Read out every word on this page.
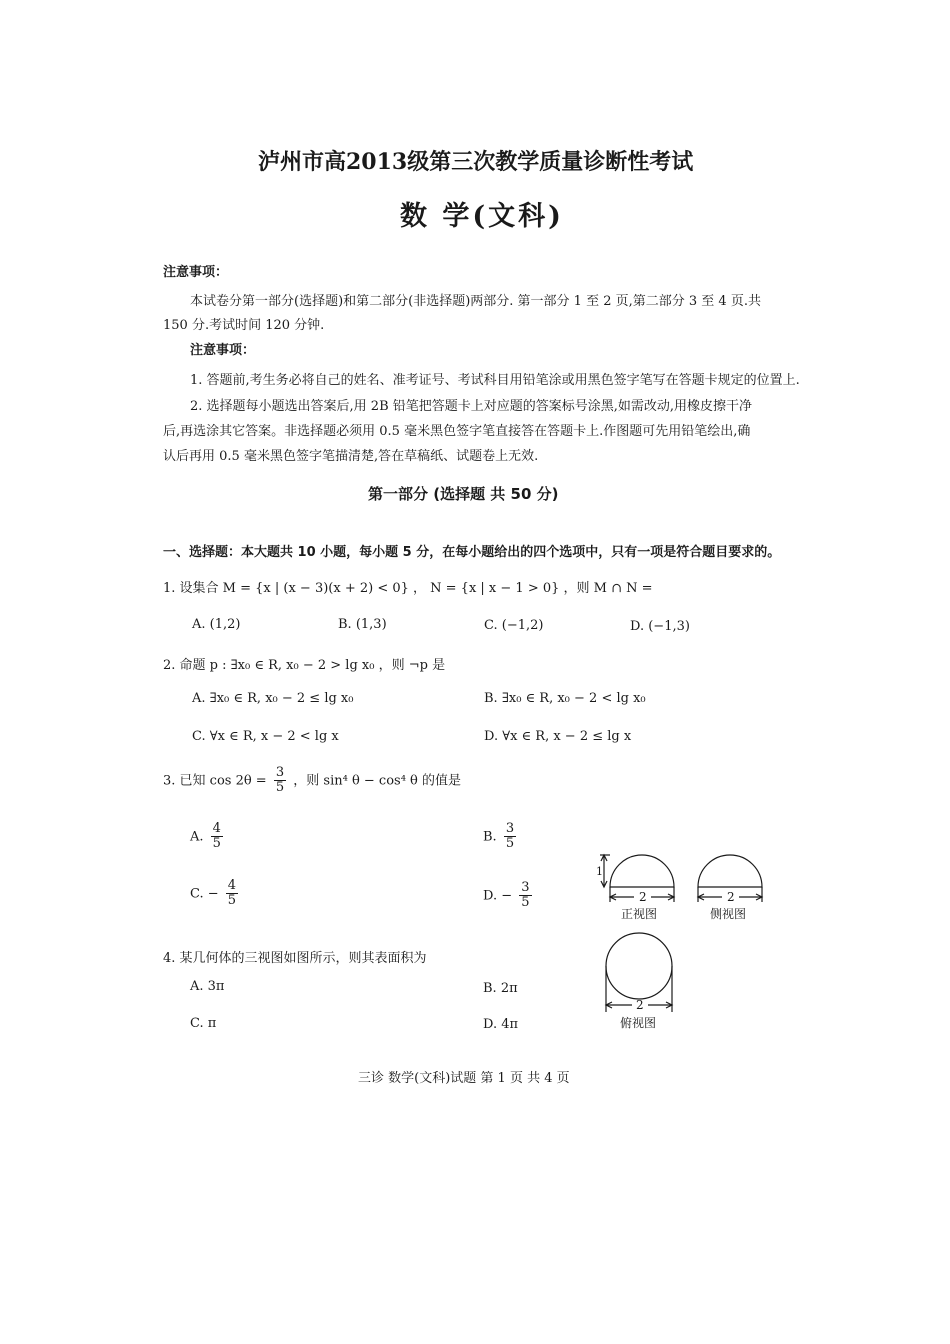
泸州市高2013级第三次教学质量诊断性考试
数 学(文科)
注意事项：
本试卷分第一部分(选择题)和第二部分(非选择题)两部分. 第一部分 1 至 2 页,第二部分 3 至 4 页.共
150 分.考试时间 120 分钟.
注意事项：
1. 答题前,考生务必将自己的姓名、准考证号、考试科目用铅笔涂或用黑色签字笔写在答题卡规定的位置上.
2. 选择题每小题选出答案后,用 2B 铅笔把答题卡上对应题的答案标号涂黑,如需改动,用橡皮擦干净
后,再选涂其它答案。非选择题必须用 0.5 毫米黑色签字笔直接答在答题卡上.作图题可先用铅笔绘出,确
认后再用 0.5 毫米黑色签字笔描清楚,答在草稿纸、试题卷上无效.
第一部分 (选择题 共 50 分)
一、选择题：本大题共 10 小题，每小题 5 分，在每小题给出的四个选项中，只有一项是符合题目要求的。
1. 设集合 M = {x | (x − 3)(x + 2) < 0} ， N = {x | x − 1 > 0} ，则 M ∩ N =
A. (1,2)	B. (1,3)	C. (−1,2)	D. (−1,3)
2. 命题 p : ∃x₀ ∈ R, x₀ − 2 > lg x₀ ，则 ¬p 是
A. ∃x₀ ∈ R, x₀ − 2 ≤ lg x₀	B. ∃x₀ ∈ R, x₀ − 2 < lg x₀
C. ∀x ∈ R, x − 2 < lg x	D. ∀x ∈ R, x − 2 ≤ lg x
3. 已知 $\cos 2\theta = \frac{3}{5}$ ，则 sin⁴ θ − cos⁴ θ 的值是
A. $\frac{4}{5}$	B. $\frac{3}{5}$
C. − $\frac{4}{5}$	D. − $\frac{3}{5}$
4. 某几何体的三视图如图所示，则其表面积为
A. 3π	B. 2π
C. π	D. 4π
1
2	2
2
正视图	侧视图
俯视图
三诊 数学(文科)试题 第 1 页 共 4 页
